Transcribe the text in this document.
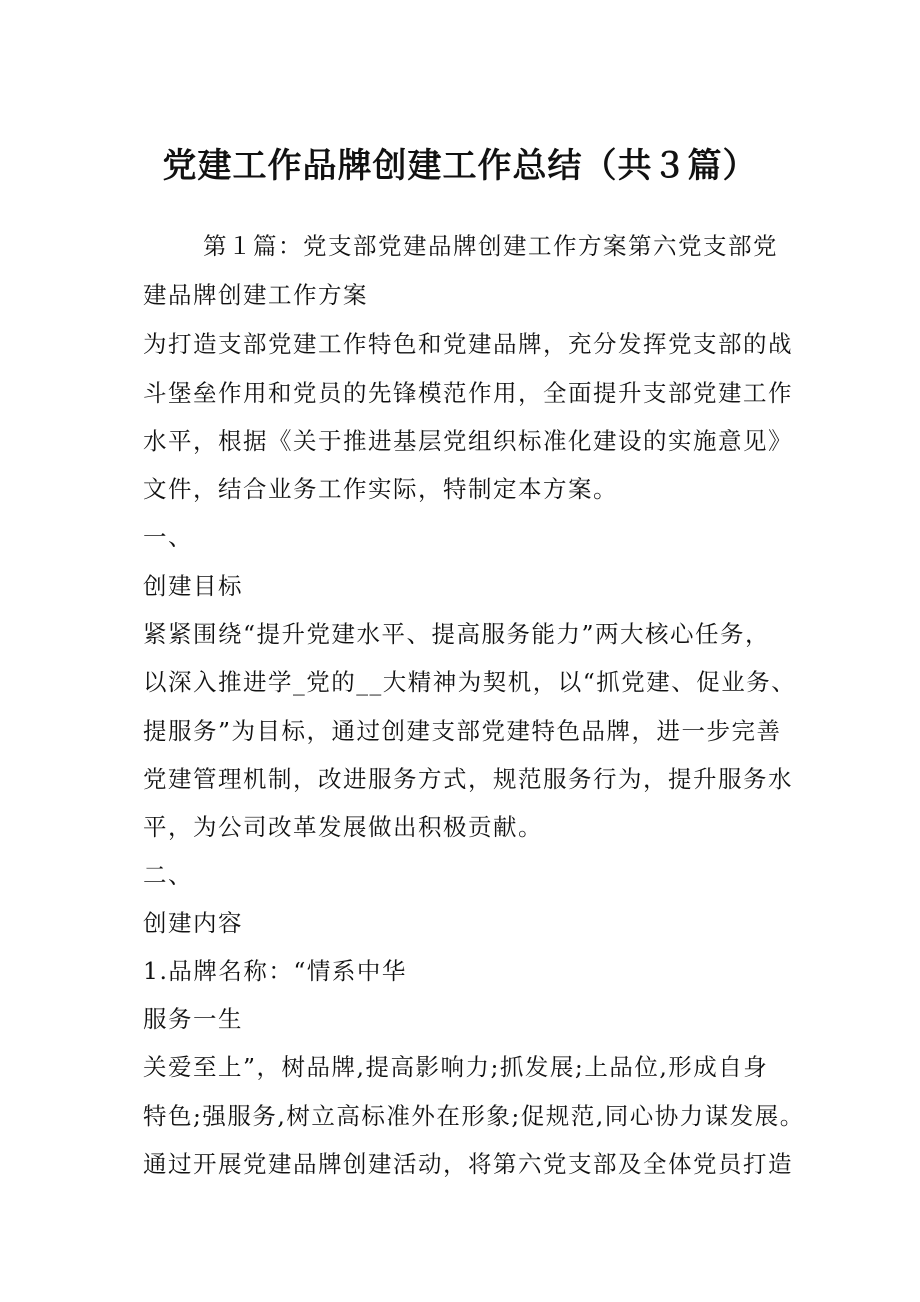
党建工作品牌创建工作总结（共３篇）
第１篇：党支部党建品牌创建工作方案第六党支部党
建品牌创建工作方案
为打造支部党建工作特色和党建品牌，充分发挥党支部的战
斗堡垒作用和党员的先锋模范作用，全面提升支部党建工作
水平，根据《关于推进基层党组织标准化建设的实施意见》
文件，结合业务工作实际，特制定本方案。
一、
创建目标
紧紧围绕“提升党建水平、提高服务能力”两大核心任务，
以深入推进学_党的__大精神为契机，以“抓党建、促业务、
提服务”为目标，通过创建支部党建特色品牌，进一步完善
党建管理机制，改进服务方式，规范服务行为，提升服务水
平，为公司改革发展做出积极贡献。
二、
创建内容
1.品牌名称：“情系中华
服务一生
关爱至上”，树品牌,提高影响力;抓发展;上品位,形成自身
特色;强服务,树立高标准外在形象;促规范,同心协力谋发展。
通过开展党建品牌创建活动，将第六党支部及全体党员打造
